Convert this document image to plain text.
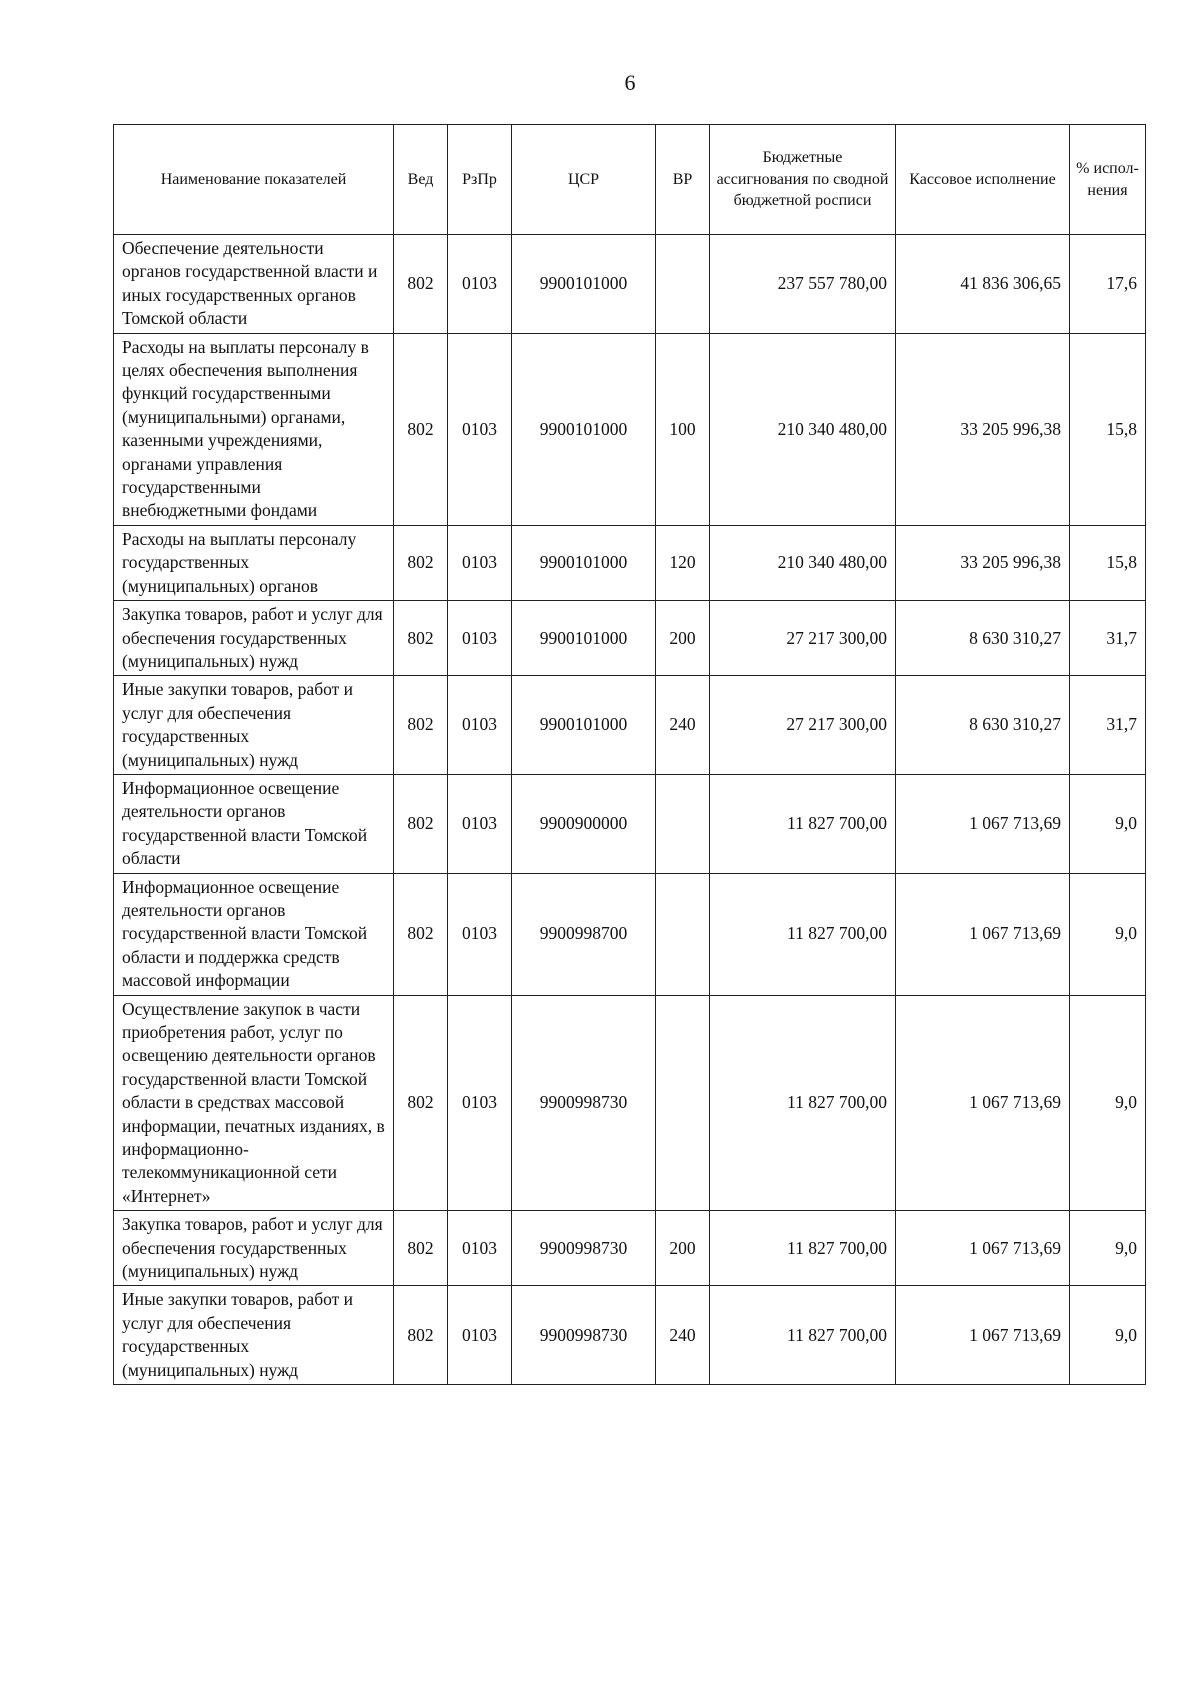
6
Наименование показателей	Вед	РзПр	ЦСР	ВР	Бюджетные ассигнования по сводной бюджетной росписи	Кассовое исполнение	% испол-нения
Обеспечение деятельности органов государственной власти и иных государственных органов Томской области	802	0103	9900101000		237 557 780,00	41 836 306,65	17,6
Расходы на выплаты персоналу в целях обеспечения выполнения функций государственными (муниципальными) органами, казенными учреждениями, органами управления государственными внебюджетными фондами	802	0103	9900101000	100	210 340 480,00	33 205 996,38	15,8
Расходы на выплаты персоналу государственных (муниципальных) органов	802	0103	9900101000	120	210 340 480,00	33 205 996,38	15,8
Закупка товаров, работ и услуг для обеспечения государственных (муниципальных) нужд	802	0103	9900101000	200	27 217 300,00	8 630 310,27	31,7
Иные закупки товаров, работ и услуг для обеспечения государственных (муниципальных) нужд	802	0103	9900101000	240	27 217 300,00	8 630 310,27	31,7
Информационное освещение деятельности органов государственной власти Томской области	802	0103	9900900000		11 827 700,00	1 067 713,69	9,0
Информационное освещение деятельности органов государственной власти Томской области и поддержка средств массовой информации	802	0103	9900998700		11 827 700,00	1 067 713,69	9,0
Осуществление закупок в части приобретения работ, услуг по освещению деятельности органов государственной власти Томской области в средствах массовой информации, печатных изданиях, в информационно-телекоммуникационной сети «Интернет»	802	0103	9900998730		11 827 700,00	1 067 713,69	9,0
Закупка товаров, работ и услуг для обеспечения государственных (муниципальных) нужд	802	0103	9900998730	200	11 827 700,00	1 067 713,69	9,0
Иные закупки товаров, работ и услуг для обеспечения государственных (муниципальных) нужд	802	0103	9900998730	240	11 827 700,00	1 067 713,69	9,0
